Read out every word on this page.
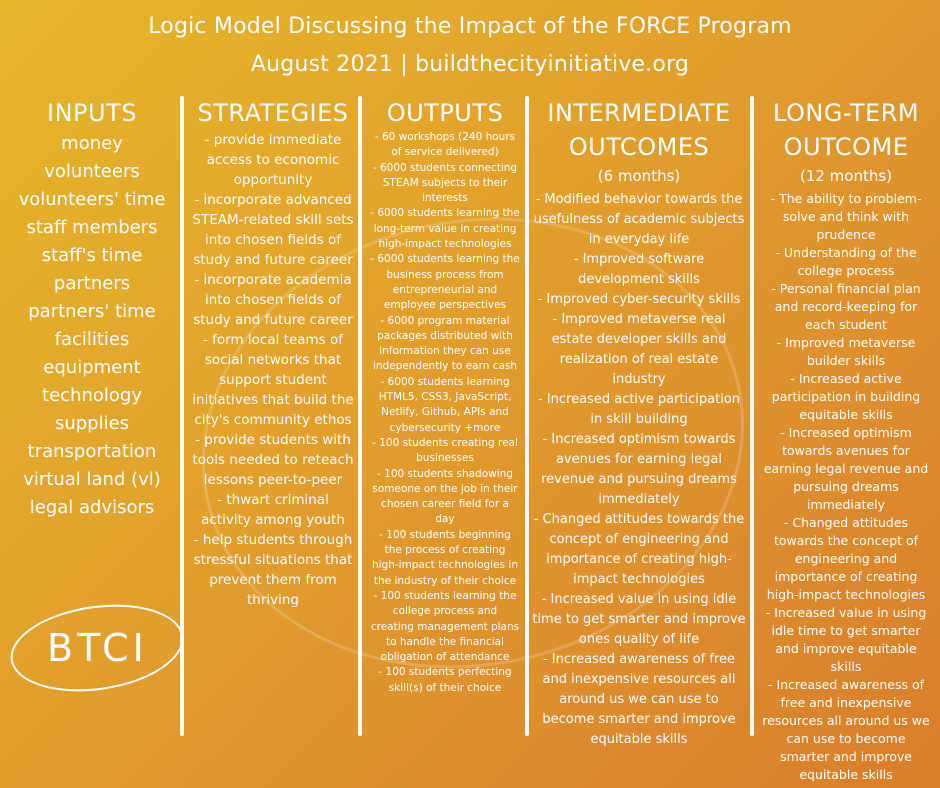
Logic Model Discussing the Impact of the FORCE Program
August 2021 | buildthecityinitiative.org
INPUTS
money
volunteers
volunteers' time
staff members
staff's time
partners
partners' time
facilities
equipment
technology
supplies
transportation
virtual land (vl)
legal advisors
STRATEGIES
- provide immediate access to economic opportunity
- incorporate advanced STEAM-related skill sets into chosen fields of study and future career
- incorporate academia into chosen fields of study and future career
- form local teams of social networks that support student initiatives that build the city's community ethos
- provide students with tools needed to reteach lessons peer-to-peer
- thwart criminal activity among youth
- help students through stressful situations that prevent them from thriving
OUTPUTS
- 60 workshops (240 hours of service delivered)
- 6000 students connecting STEAM subjects to their interests
- 6000 students learning the long-term value in creating high-impact technologies
- 6000 students learning the business process from entrepreneurial and employee perspectives
- 6000 program material packages distributed with information they can use independently to earn cash
- 6000 students learning HTML5, CSS3, JavaScript, Netlify, Github, APIs and cybersecurity +more
- 100 students creating real businesses
- 100 students shadowing someone on the job in their chosen career field for a day
- 100 students beginning the process of creating high-impact technologies in the industry of their choice
- 100 students learning the college process and creating management plans to handle the financial obligation of attendance
- 100 students perfecting skill(s) of their choice
INTERMEDIATE
OUTCOMES
(6 months)
- Modified behavior towards the usefulness of academic subjects in everyday life
- Improved software development skills
- Improved cyber-security skills
- Improved metaverse real estate developer skills and realization of real estate industry
- Increased active participation in skill building
- Increased optimism towards avenues for earning legal revenue and pursuing dreams immediately
- Changed attitudes towards the concept of engineering and importance of creating high-impact technologies
- Increased value in using idle time to get smarter and improve ones quality of life
- Increased awareness of free and inexpensive resources all around us we can use to become smarter and improve equitable skills
LONG-TERM
OUTCOME
(12 months)
- The ability to problem-solve and think with prudence
- Understanding of the college process
- Personal financial plan and record-keeping for each student
- Improved metaverse builder skills
- Increased active participation in building equitable skills
- Increased optimism towards avenues for earning legal revenue and pursuing dreams immediately
- Changed attitudes towards the concept of engineering and importance of creating high-impact technologies
- Increased value in using idle time to get smarter and improve equitable skills
- Increased awareness of free and inexpensive resources all around us we can use to become smarter and improve equitable skills
BTCI
